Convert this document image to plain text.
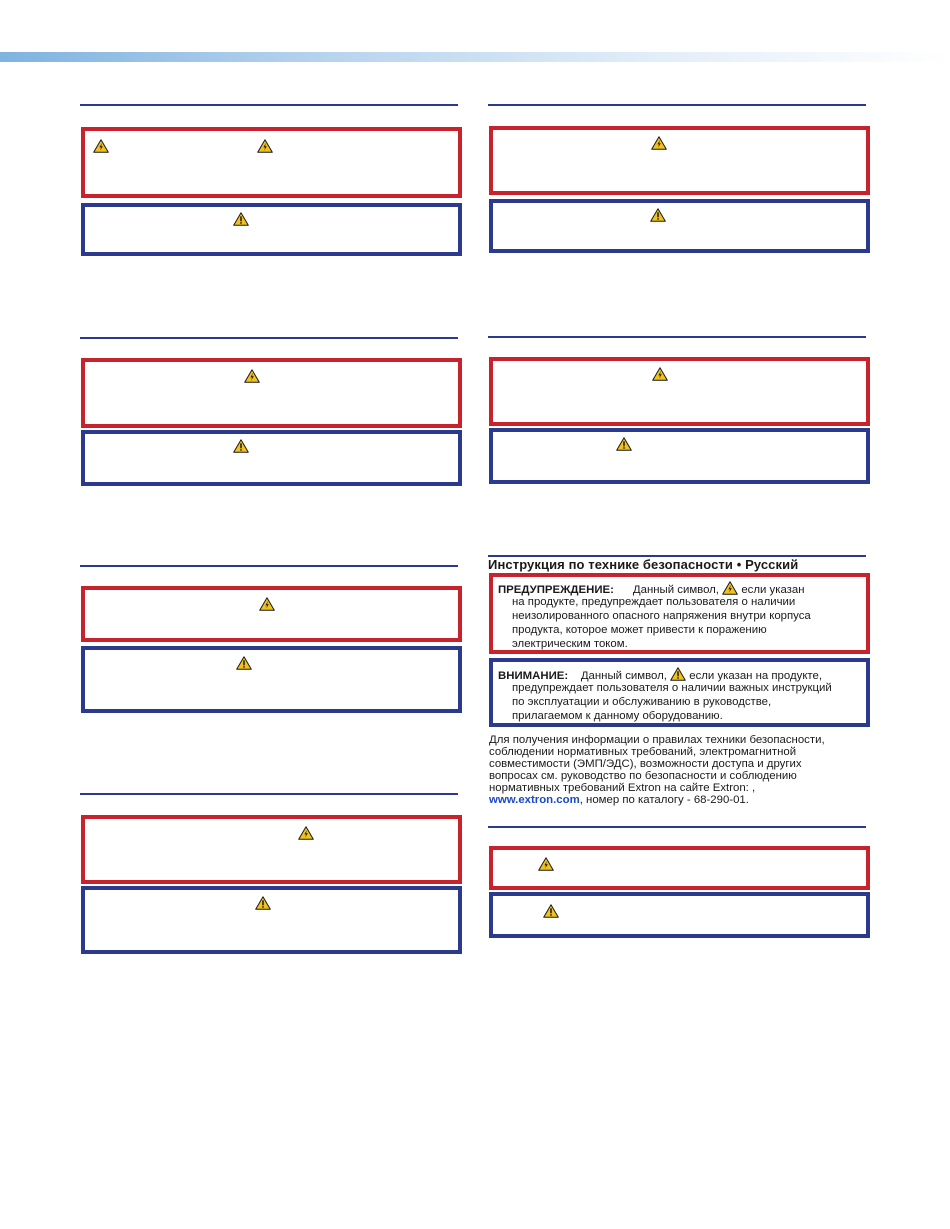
Инструкция по технике безопасности • Русский
ПРЕДУПРЕЖДЕНИЕ: Данный символ, если указан
на продукте, предупреждает пользователя о наличии
неизолированного опасного напряжения внутри корпуса
продукта, которое может привести к поражению
электрическим током.
ВНИМАНИЕ: Данный символ, если указан на продукте,
предупреждает пользователя о наличии важных инструкций
по эксплуатации и обслуживанию в руководстве,
прилагаемом к данному оборудованию.
Для получения информации о правилах техники безопасности,
соблюдении нормативных требований, электромагнитной
совместимости (ЭМП/ЭДС), возможности доступа и других
вопросах см. руководство по безопасности и соблюдению
нормативных требований Extron на сайте Extron: ,
www.extron.com, номер по каталогу - 68-290-01.
